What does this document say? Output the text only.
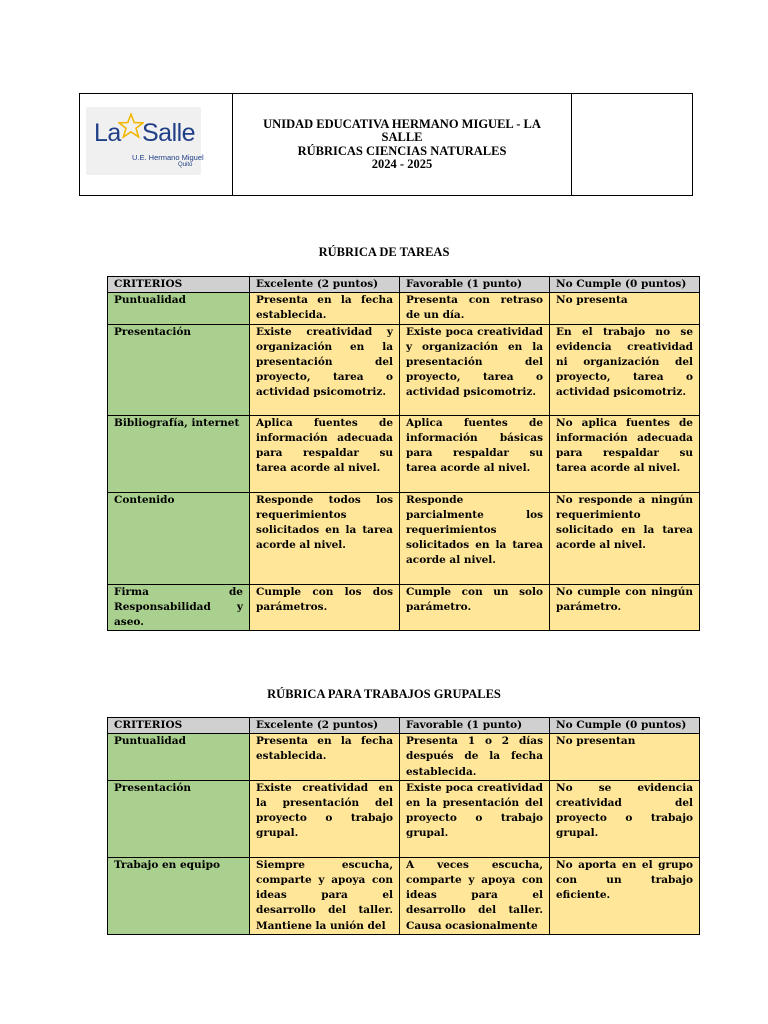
La Salle
U.E. Hermano Miguel
Quito
UNIDAD EDUCATIVA HERMANO MIGUEL - LA
SALLE
RÚBRICAS CIENCIAS NATURALES
2024 - 2025
RÚBRICA DE TAREAS
CRITERIOS	Excelente (2 puntos)	Favorable (1 punto)	No Cumple (0 puntos)
Puntualidad	Presenta en la fecha establecida.	Presenta con retraso de un día.	No presenta
Presentación	Existe creatividad y organización en la presentación del proyecto, tarea o actividad psicomotriz.	Existe poca creatividad y organización en la presentación del proyecto, tarea o actividad psicomotriz.	En el trabajo no se evidencia creatividad ni organización del proyecto, tarea o actividad psicomotriz.
Bibliografía, internet	Aplica fuentes de información adecuada para respaldar su tarea acorde al nivel.	Aplica fuentes de información básicas para respaldar su tarea acorde al nivel.	No aplica fuentes de información adecuada para respaldar su tarea acorde al nivel.
Contenido	Responde todos los requerimientos solicitados en la tarea acorde al nivel.	Responde parcialmente los requerimientos solicitados en la tarea acorde al nivel.	No responde a ningún requerimiento solicitado en la tarea acorde al nivel.
Firma de Responsabilidad y aseo.	Cumple con los dos parámetros.	Cumple con un solo parámetro.	No cumple con ningún parámetro.
RÚBRICA PARA TRABAJOS GRUPALES
CRITERIOS	Excelente (2 puntos)	Favorable (1 punto)	No Cumple (0 puntos)
Puntualidad	Presenta en la fecha establecida.	Presenta 1 o 2 días después de la fecha establecida.	No presentan
Presentación	Existe creatividad en la presentación del proyecto o trabajo grupal.	Existe poca creatividad en la presentación del proyecto o trabajo grupal.	No se evidencia creatividad del proyecto o trabajo grupal.
Trabajo en equipo	Siempre escucha, comparte y apoya con ideas para el desarrollo del taller. Mantiene la unión del	A veces escucha, comparte y apoya con ideas para el desarrollo del taller. Causa ocasionalmente	No aporta en el grupo con un trabajo eficiente.
